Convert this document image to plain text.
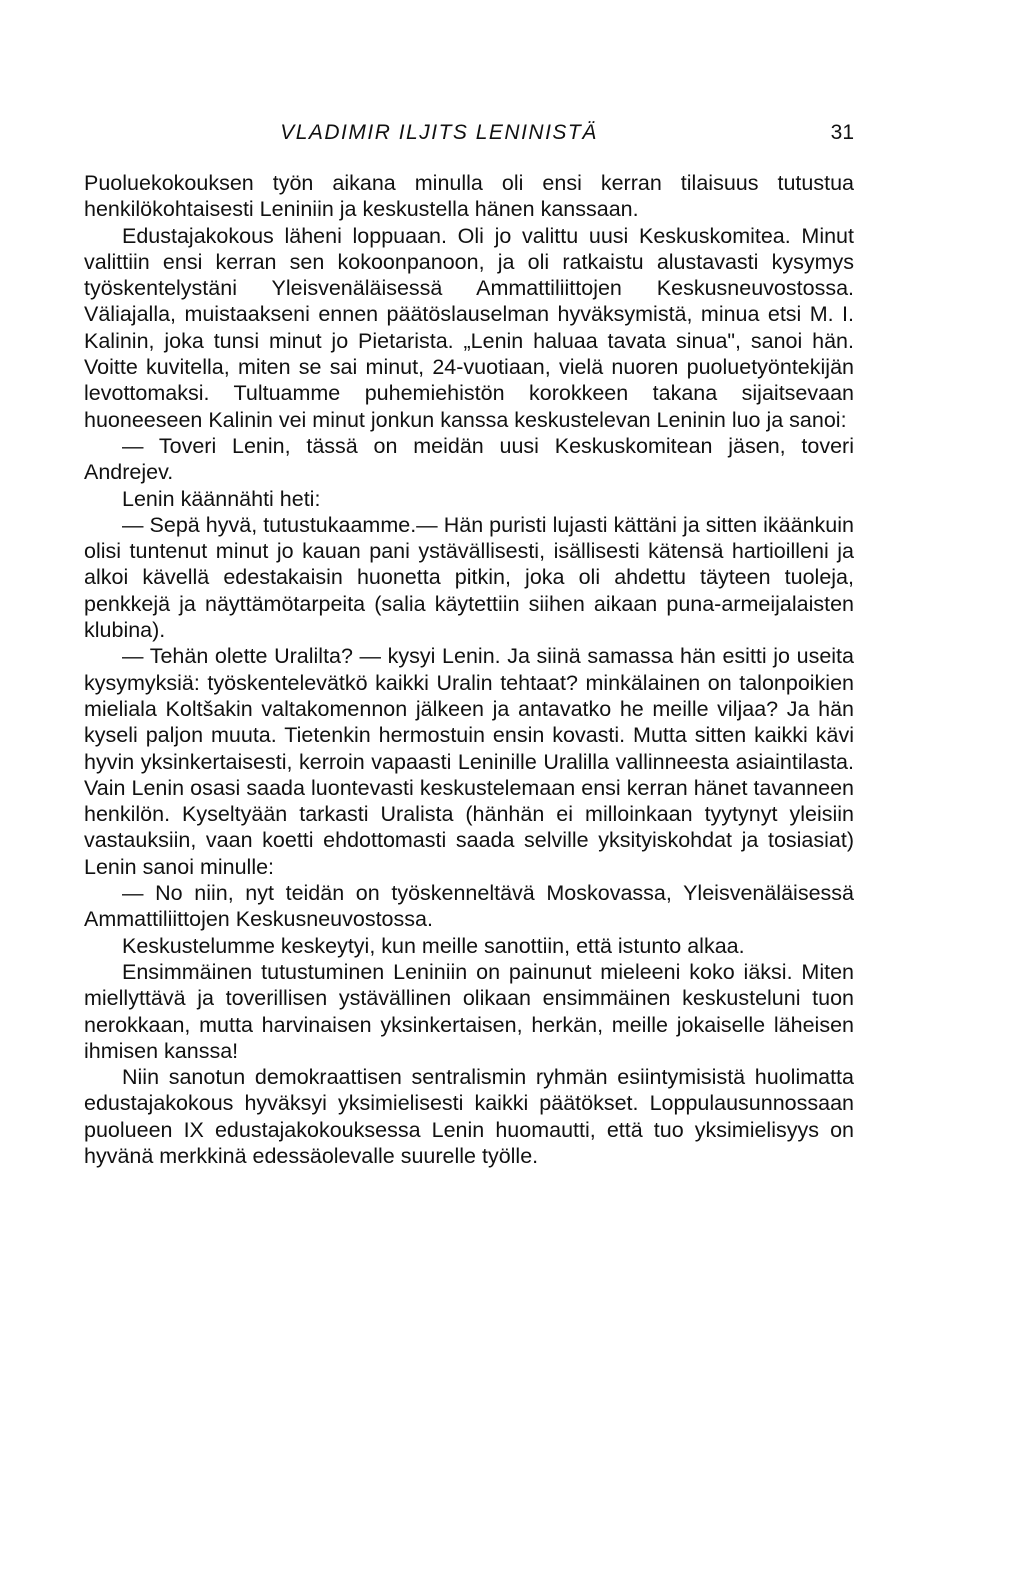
VLADIMIR ILJITS LENINISTÄ	31

Puoluekokouksen työn aikana minulla oli ensi kerran tilaisuus tutustua henkilökohtaisesti Leniniin ja keskustella hänen kanssaan.

Edustajakokous läheni loppuaan. Oli jo valittu uusi Keskuskomitea. Minut valittiin ensi kerran sen kokoonpanoon, ja oli ratkaistu alustavasti kysymys työskentelystäni Yleisvenäläisessä Ammattiliittojen Keskusneuvostossa. Väliajalla, muistaakseni ennen päätöslauselman hyväksymistä, minua etsi M. I. Kalinin, joka tunsi minut jo Pietarista. „Lenin haluaa tavata sinua", sanoi hän. Voitte kuvitella, miten se sai minut, 24-vuotiaan, vielä nuoren puoluetyöntekijän levottomaksi. Tultuamme puhemiehistön korokkeen takana sijaitsevaan huoneeseen Kalinin vei minut jonkun kanssa keskustelevan Leninin luo ja sanoi:

— Toveri Lenin, tässä on meidän uusi Keskuskomitean jäsen, toveri Andrejev.

Lenin käännähti heti:

— Sepä hyvä, tutustukaamme.— Hän puristi lujasti kättäni ja sitten ikäänkuin olisi tuntenut minut jo kauan pani ystävällisesti, isällisesti kätensä hartioilleni ja alkoi kävellä edestakaisin huonetta pitkin, joka oli ahdettu täyteen tuoleja, penkkejä ja näyttämötarpeita (salia käytettiin siihen aikaan puna-armeijalaisten klubina).

— Tehän olette Uralilta? — kysyi Lenin. Ja siinä samassa hän esitti jo useita kysymyksiä: työskentelevätkö kaikki Uralin tehtaat? minkälainen on talonpoikien mieliala Koltšakin valtakomennon jälkeen ja antavatko he meille viljaa? Ja hän kyseli paljon muuta. Tietenkin hermostuin ensin kovasti. Mutta sitten kaikki kävi hyvin yksinkertaisesti, kerroin vapaasti Leninille Uralilla vallinneesta asiaintilasta. Vain Lenin osasi saada luontevasti keskustelemaan ensi kerran hänet tavanneen henkilön. Kyseltyään tarkasti Uralista (hänhän ei milloinkaan tyytynyt yleisiin vastauksiin, vaan koetti ehdottomasti saada selville yksityiskohdat ja tosiasiat) Lenin sanoi minulle:

— No niin, nyt teidän on työskenneltävä Moskovassa, Yleisvenäläisessä Ammattiliittojen Keskusneuvostossa.

Keskustelumme keskeytyi, kun meille sanottiin, että istunto alkaa.

Ensimmäinen tutustuminen Leniniin on painunut mieleeni koko iäksi. Miten miellyttävä ja toverillisen ystävällinen olikaan ensimmäinen keskusteluni tuon nerokkaan, mutta harvinaisen yksinkertaisen, herkän, meille jokaiselle läheisen ihmisen kanssa!

Niin sanotun demokraattisen sentralismin ryhmän esiintymisistä huolimatta edustajakokous hyväksyi yksimielisesti kaikki päätökset. Loppulausunnossaan puolueen IX edustajakokouksessa Lenin huomautti, että tuo yksimielisyys on hyvänä merkkinä edessäolevalle suurelle työlle.
